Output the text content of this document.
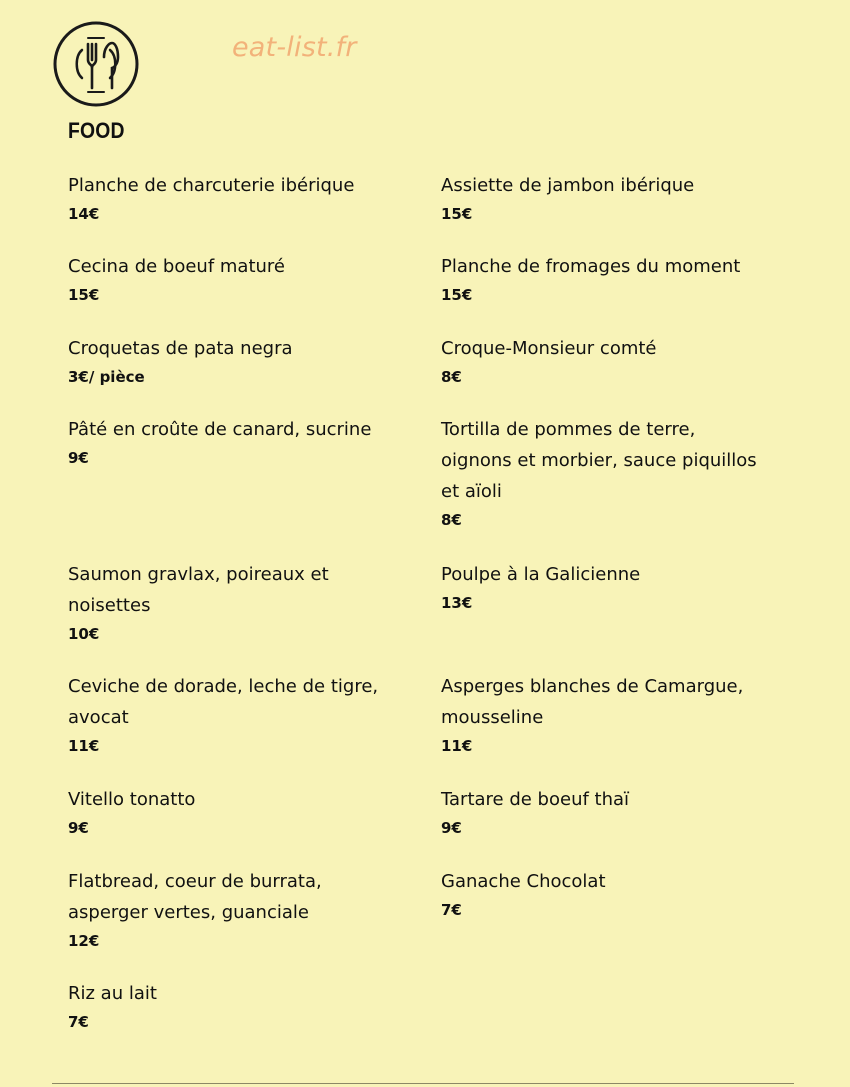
eat-list.fr
FOOD
Planche de charcuterie ibérique
14€
Assiette de jambon ibérique
15€
Cecina de boeuf maturé
15€
Planche de fromages du moment
15€
Croquetas de pata negra
3€/ pièce
Croque-Monsieur comté
8€
Pâté en croûte de canard, sucrine
9€
Tortilla de pommes de terre, oignons et morbier, sauce piquillos et aïoli
8€
Saumon gravlax, poireaux et noisettes
10€
Poulpe à la Galicienne
13€
Ceviche de dorade, leche de tigre, avocat
11€
Asperges blanches de Camargue, mousseline
11€
Vitello tonatto
9€
Tartare de boeuf thaï
9€
Flatbread, coeur de burrata, asperger vertes, guanciale
12€
Ganache Chocolat
7€
Riz au lait
7€
